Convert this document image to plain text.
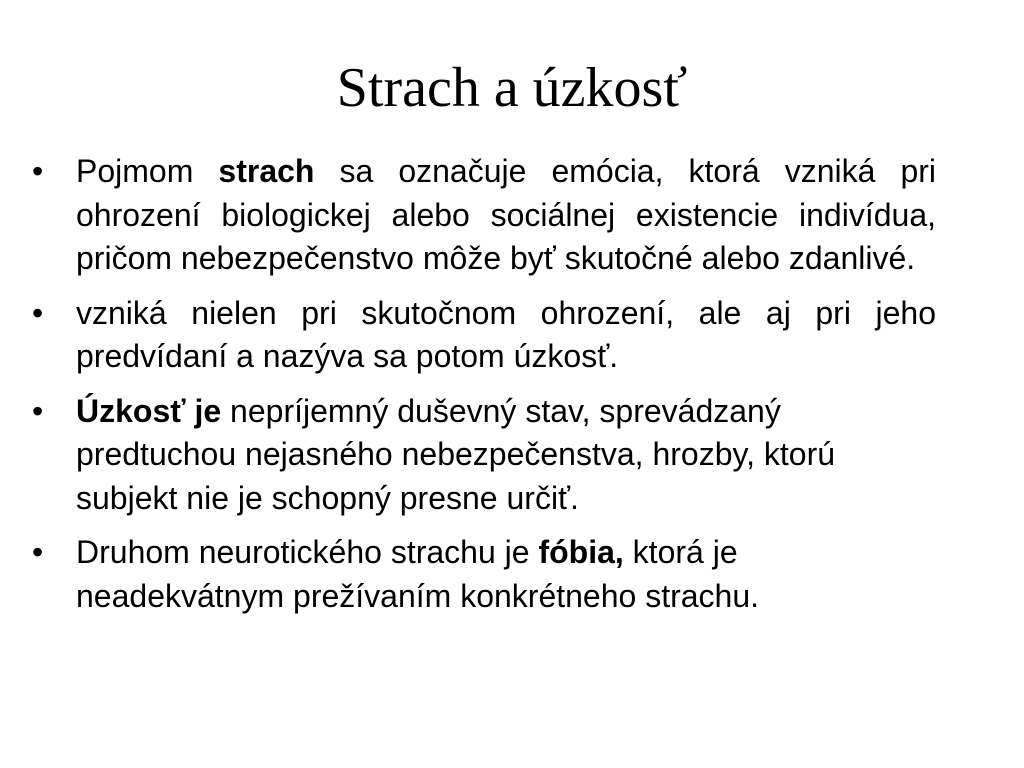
Strach a úzkosť
• Pojmom strach sa označuje emócia, ktorá vzniká pri ohrození biologickej alebo sociálnej existencie indivídua, pričom nebezpečenstvo môže byť skutočné alebo zdanlivé.
• vzniká nielen pri skutočnom ohrození, ale aj pri jeho predvídaní a nazýva sa potom úzkosť.
• Úzkosť je nepríjemný duševný stav, sprevádzaný predtuchou nejasného nebezpečenstva, hrozby, ktorú subjekt nie je schopný presne určiť.
• Druhom neurotického strachu je fóbia, ktorá je neadekvátnym prežívaním konkrétneho strachu.
